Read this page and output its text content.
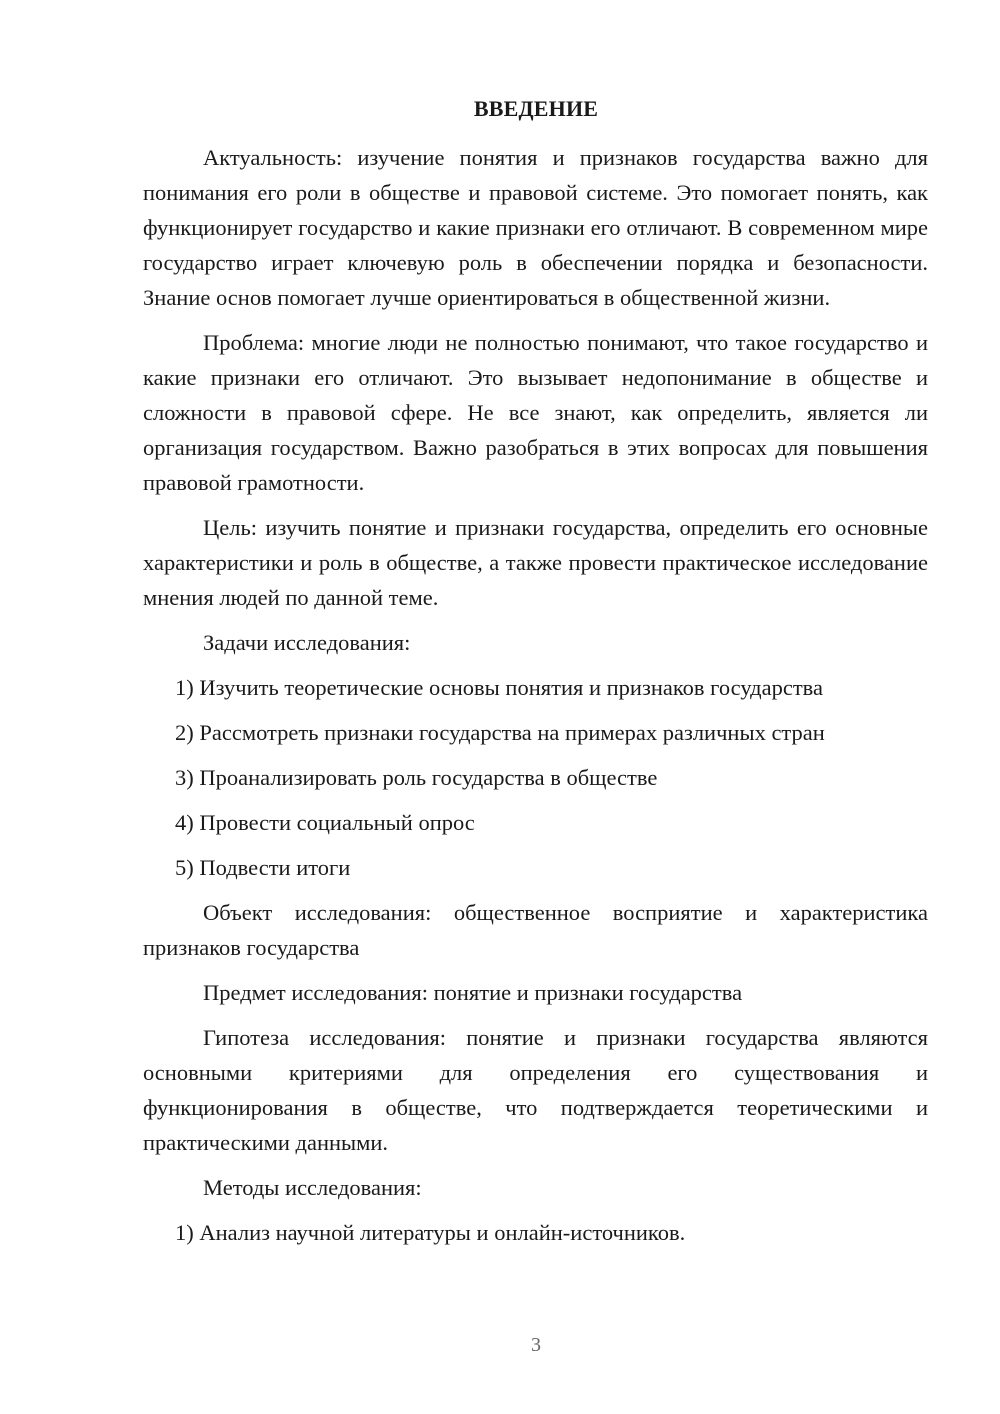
ВВЕДЕНИЕ

Актуальность: изучение понятия и признаков государства важно для понимания его роли в обществе и правовой системе. Это помогает понять, как функционирует государство и какие признаки его отличают. В современном мире государство играет ключевую роль в обеспечении порядка и безопасности. Знание основ помогает лучше ориентироваться в общественной жизни.

Проблема: многие люди не полностью понимают, что такое государство и какие признаки его отличают. Это вызывает недопонимание в обществе и сложности в правовой сфере. Не все знают, как определить, является ли организация государством. Важно разобраться в этих вопросах для повышения правовой грамотности.

Цель: изучить понятие и признаки государства, определить его основные характеристики и роль в обществе, а также провести практическое исследование мнения людей по данной теме.

Задачи исследования:

1) Изучить теоретические основы понятия и признаков государства

2) Рассмотреть признаки государства на примерах различных стран

3) Проанализировать роль государства в обществе

4) Провести социальный опрос

5) Подвести итоги

Объект исследования: общественное восприятие и характеристика признаков государства

Предмет исследования: понятие и признаки государства

Гипотеза исследования: понятие и признаки государства являются основными критериями для определения его существования и функционирования в обществе, что подтверждается теоретическими и практическими данными.

Методы исследования:

1) Анализ научной литературы и онлайн-источников.

3
